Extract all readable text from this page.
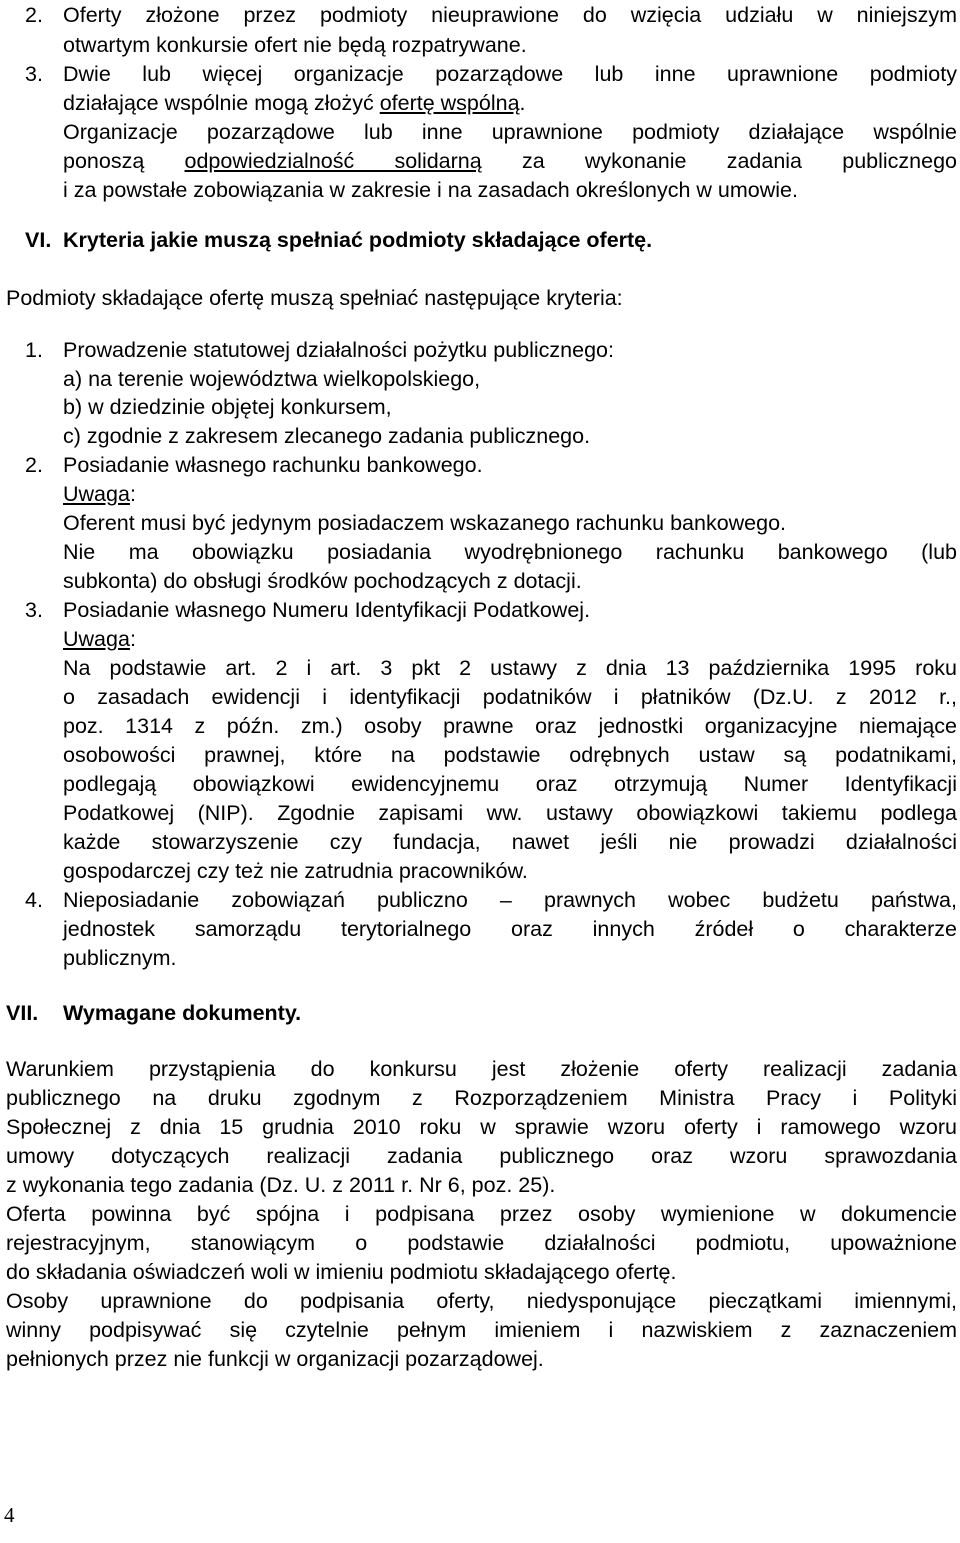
2. Oferty złożone przez podmioty nieuprawione do wzięcia udziału w niniejszym
otwartym konkursie ofert nie będą rozpatrywane.
3. Dwie lub więcej organizacje pozarządowe lub inne uprawnione podmioty
działające wspólnie mogą złożyć ofertę wspólną.
Organizacje pozarządowe lub inne uprawnione podmioty działające wspólnie
ponoszą odpowiedzialność solidarną za wykonanie zadania publicznego
i za powstałe zobowiązania w zakresie i na zasadach określonych w umowie.
VI. Kryteria jakie muszą spełniać podmioty składające ofertę.
Podmioty składające ofertę muszą spełniać następujące kryteria:
1. Prowadzenie statutowej działalności pożytku publicznego:
a) na terenie województwa wielkopolskiego,
b) w dziedzinie objętej konkursem,
c) zgodnie z zakresem zlecanego zadania publicznego.
2. Posiadanie własnego rachunku bankowego.
Uwaga:
Oferent musi być jedynym posiadaczem wskazanego rachunku bankowego.
Nie ma obowiązku posiadania wyodrębnionego rachunku bankowego (lub
subkonta) do obsługi środków pochodzących z dotacji.
3. Posiadanie własnego Numeru Identyfikacji Podatkowej.
Uwaga:
Na podstawie art. 2 i art. 3 pkt 2 ustawy z dnia 13 października 1995 roku
o zasadach ewidencji i identyfikacji podatników i płatników (Dz.U. z 2012 r.,
poz. 1314 z późn. zm.) osoby prawne oraz jednostki organizacyjne niemające
osobowości prawnej, które na podstawie odrębnych ustaw są podatnikami,
podlegają obowiązkowi ewidencyjnemu oraz otrzymują Numer Identyfikacji
Podatkowej (NIP). Zgodnie zapisami ww. ustawy obowiązkowi takiemu podlega
każde stowarzyszenie czy fundacja, nawet jeśli nie prowadzi działalności
gospodarczej czy też nie zatrudnia pracowników.
4. Nieposiadanie zobowiązań publiczno – prawnych wobec budżetu państwa,
jednostek samorządu terytorialnego oraz innych źródeł o charakterze
publicznym.
VII. Wymagane dokumenty.
Warunkiem przystąpienia do konkursu jest złożenie oferty realizacji zadania
publicznego na druku zgodnym z Rozporządzeniem Ministra Pracy i Polityki
Społecznej z dnia 15 grudnia 2010 roku w sprawie wzoru oferty i ramowego wzoru
umowy dotyczących realizacji zadania publicznego oraz wzoru sprawozdania
z wykonania tego zadania (Dz. U. z 2011 r. Nr 6, poz. 25).
Oferta powinna być spójna i podpisana przez osoby wymienione w dokumencie
rejestracyjnym, stanowiącym o podstawie działalności podmiotu, upoważnione
do składania oświadczeń woli w imieniu podmiotu składającego ofertę.
Osoby uprawnione do podpisania oferty, niedysponujące pieczątkami imiennymi,
winny podpisywać się czytelnie pełnym imieniem i nazwiskiem z zaznaczeniem
pełnionych przez nie funkcji w organizacji pozarządowej.
4
